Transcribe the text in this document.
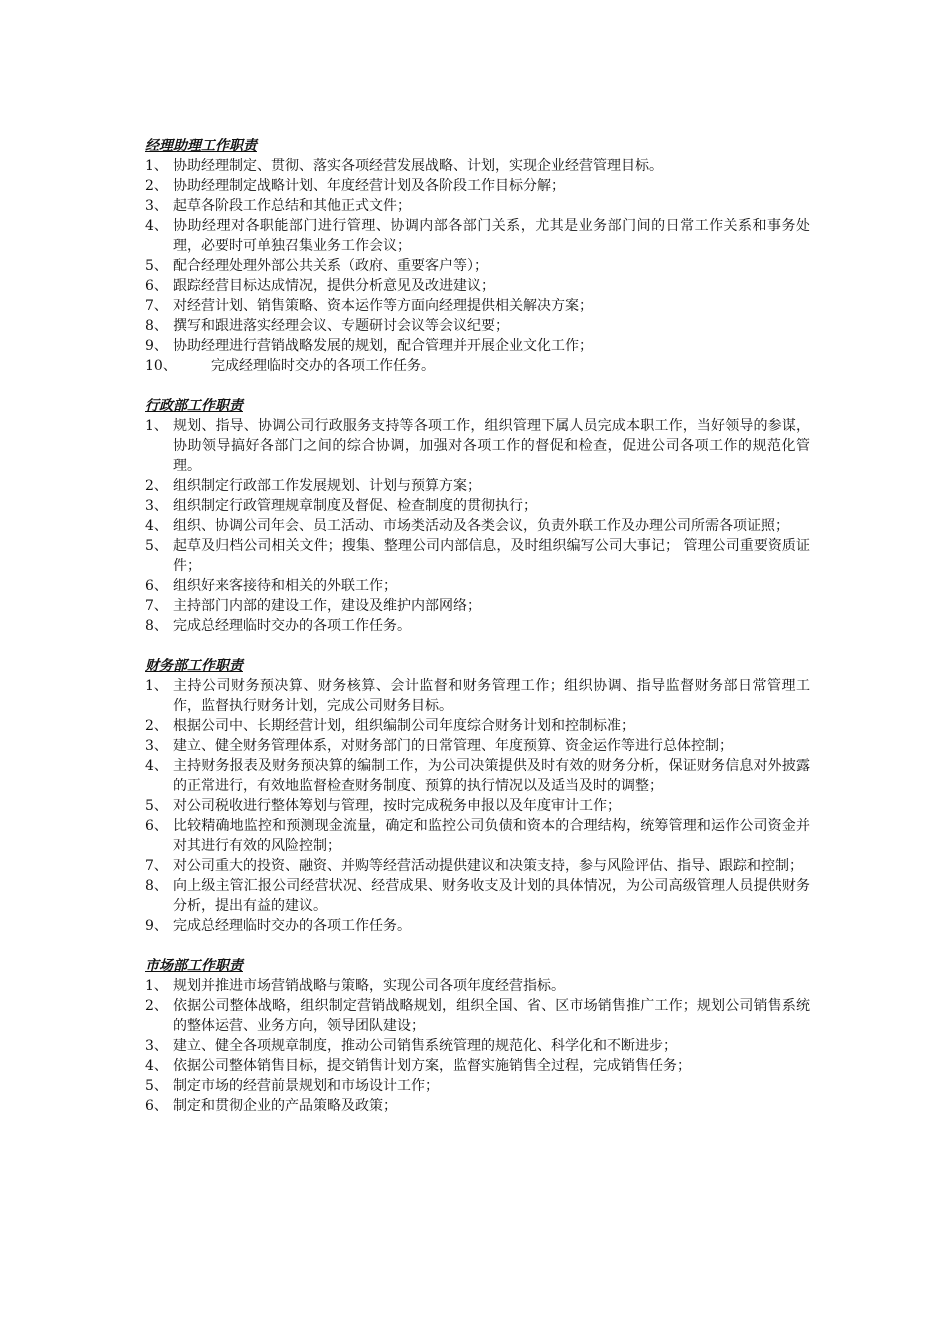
经理助理工作职责
1、 协助经理制定、贯彻、落实各项经营发展战略、计划，实现企业经营管理目标。
2、 协助经理制定战略计划、年度经营计划及各阶段工作目标分解；
3、 起草各阶段工作总结和其他正式文件；
4、 协助经理对各职能部门进行管理、协调内部各部门关系，尤其是业务部门间的日常工作关系和事务处理，必要时可单独召集业务工作会议；
5、 配合经理处理外部公共关系（政府、重要客户等）；
6、 跟踪经营目标达成情况，提供分析意见及改进建议；
7、 对经营计划、销售策略、资本运作等方面向经理提供相关解决方案；
8、 撰写和跟进落实经理会议、专题研讨会议等会议纪要；
9、 协助经理进行营销战略发展的规划，配合管理并开展企业文化工作；
10、 完成经理临时交办的各项工作任务。
行政部工作职责
1、 规划、指导、协调公司行政服务支持等各项工作，组织管理下属人员完成本职工作，当好领导的参谋，协助领导搞好各部门之间的综合协调，加强对各项工作的督促和检查，促进公司各项工作的规范化管理。
2、 组织制定行政部工作发展规划、计划与预算方案；
3、 组织制定行政管理规章制度及督促、检查制度的贯彻执行；
4、 组织、协调公司年会、员工活动、市场类活动及各类会议，负责外联工作及办理公司所需各项证照；
5、 起草及归档公司相关文件；搜集、整理公司内部信息，及时组织编写公司大事记； 管理公司重要资质证件；
6、 组织好来客接待和相关的外联工作；
7、 主持部门内部的建设工作，建设及维护内部网络；
8、 完成总经理临时交办的各项工作任务。
财务部工作职责
1、 主持公司财务预决算、财务核算、会计监督和财务管理工作；组织协调、指导监督财务部日常管理工作，监督执行财务计划，完成公司财务目标。
2、 根据公司中、长期经营计划，组织编制公司年度综合财务计划和控制标准；
3、 建立、健全财务管理体系，对财务部门的日常管理、年度预算、资金运作等进行总体控制；
4、 主持财务报表及财务预决算的编制工作，为公司决策提供及时有效的财务分析，保证财务信息对外披露的正常进行，有效地监督检查财务制度、预算的执行情况以及适当及时的调整；
5、 对公司税收进行整体筹划与管理，按时完成税务申报以及年度审计工作；
6、 比较精确地监控和预测现金流量，确定和监控公司负债和资本的合理结构，统筹管理和运作公司资金并对其进行有效的风险控制；
7、 对公司重大的投资、融资、并购等经营活动提供建议和决策支持，参与风险评估、指导、跟踪和控制；
8、 向上级主管汇报公司经营状况、经营成果、财务收支及计划的具体情况，为公司高级管理人员提供财务分析，提出有益的建议。
9、 完成总经理临时交办的各项工作任务。
市场部工作职责
1、 规划并推进市场营销战略与策略，实现公司各项年度经营指标。
2、 依据公司整体战略，组织制定营销战略规划，组织全国、省、区市场销售推广工作；规划公司销售系统的整体运营、业务方向，领导团队建设；
3、 建立、健全各项规章制度，推动公司销售系统管理的规范化、科学化和不断进步；
4、 依据公司整体销售目标，提交销售计划方案，监督实施销售全过程，完成销售任务；
5、 制定市场的经营前景规划和市场设计工作；
6、 制定和贯彻企业的产品策略及政策；
